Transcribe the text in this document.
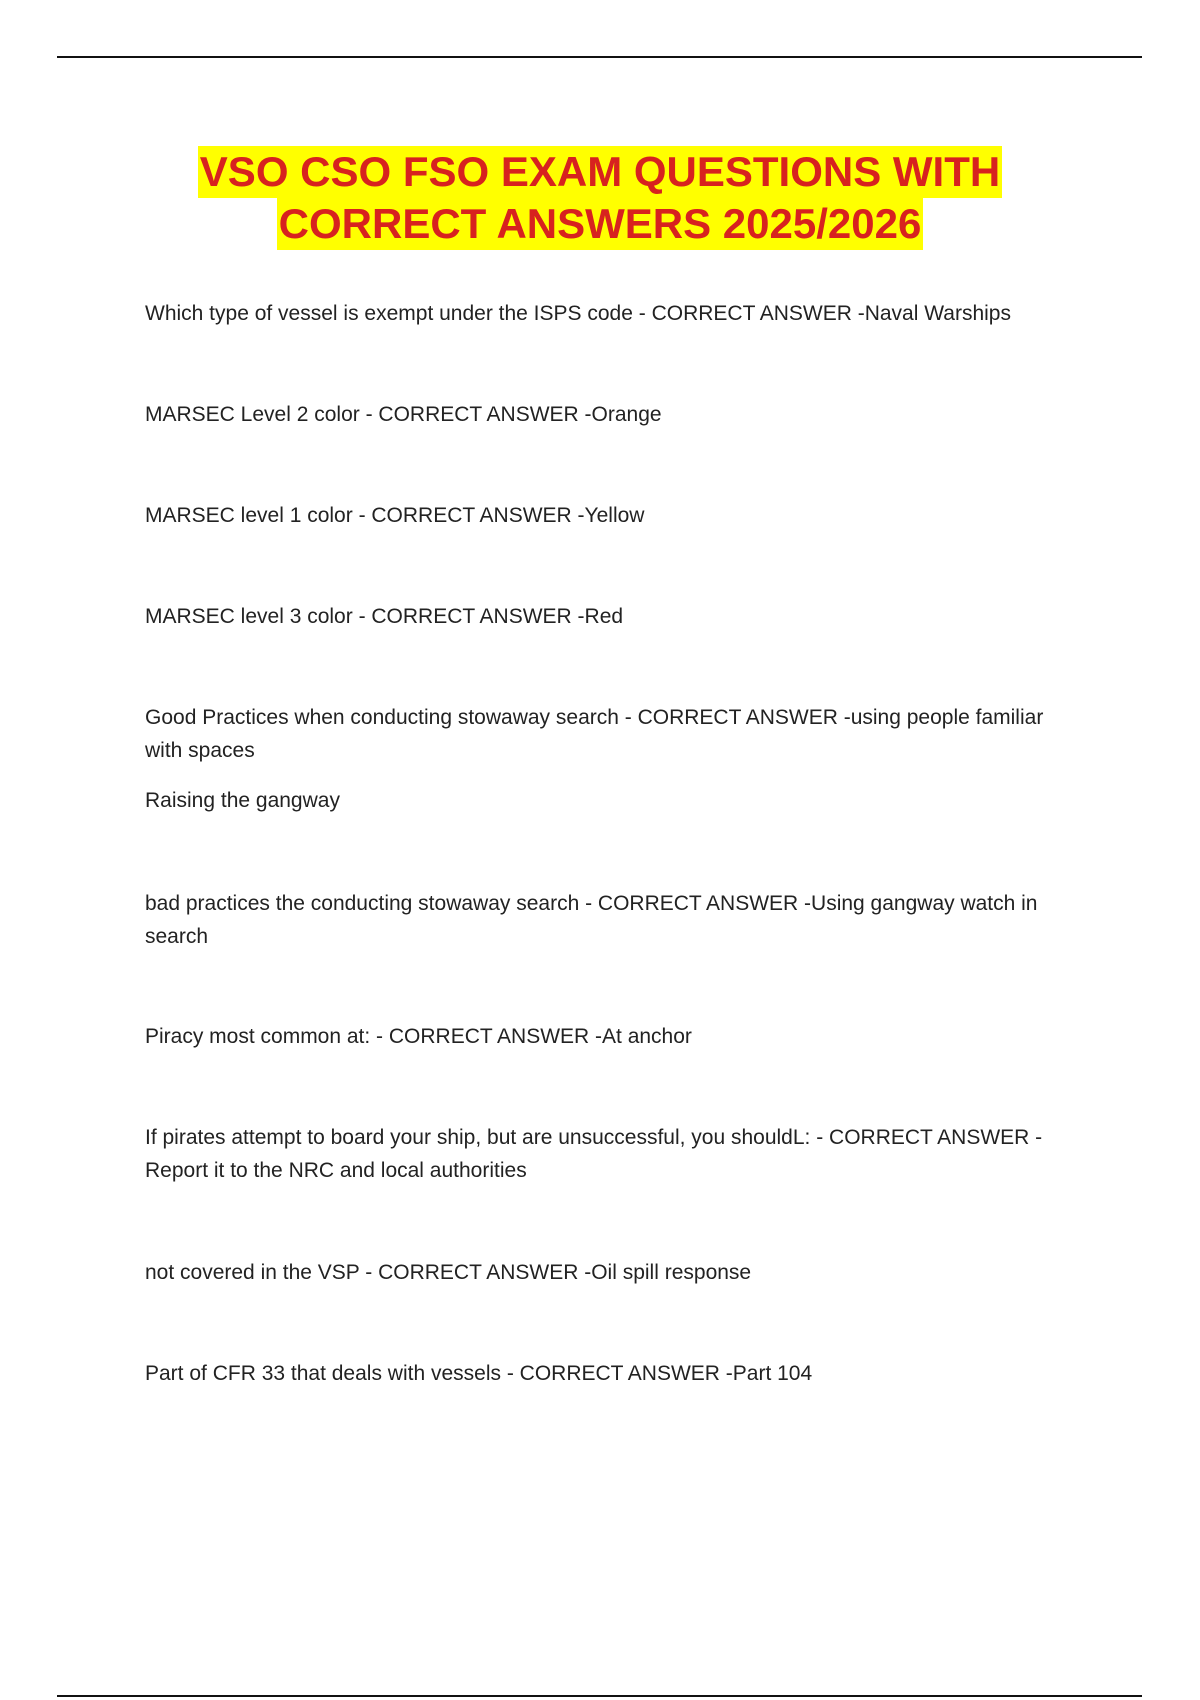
VSO CSO FSO EXAM QUESTIONS WITH
CORRECT ANSWERS 2025/2026

Which type of vessel is exempt under the ISPS code - CORRECT ANSWER -Naval Warships

MARSEC Level 2 color - CORRECT ANSWER -Orange

MARSEC level 1 color - CORRECT ANSWER -Yellow

MARSEC level 3 color - CORRECT ANSWER -Red

Good Practices when conducting stowaway search - CORRECT ANSWER -using people familiar
with spaces

Raising the gangway

bad practices the conducting stowaway search - CORRECT ANSWER -Using gangway watch in
search

Piracy most common at: - CORRECT ANSWER -At anchor

If pirates attempt to board your ship, but are unsuccessful, you shouldL: - CORRECT ANSWER -
Report it to the NRC and local authorities

not covered in the VSP - CORRECT ANSWER -Oil spill response

Part of CFR 33 that deals with vessels - CORRECT ANSWER -Part 104
